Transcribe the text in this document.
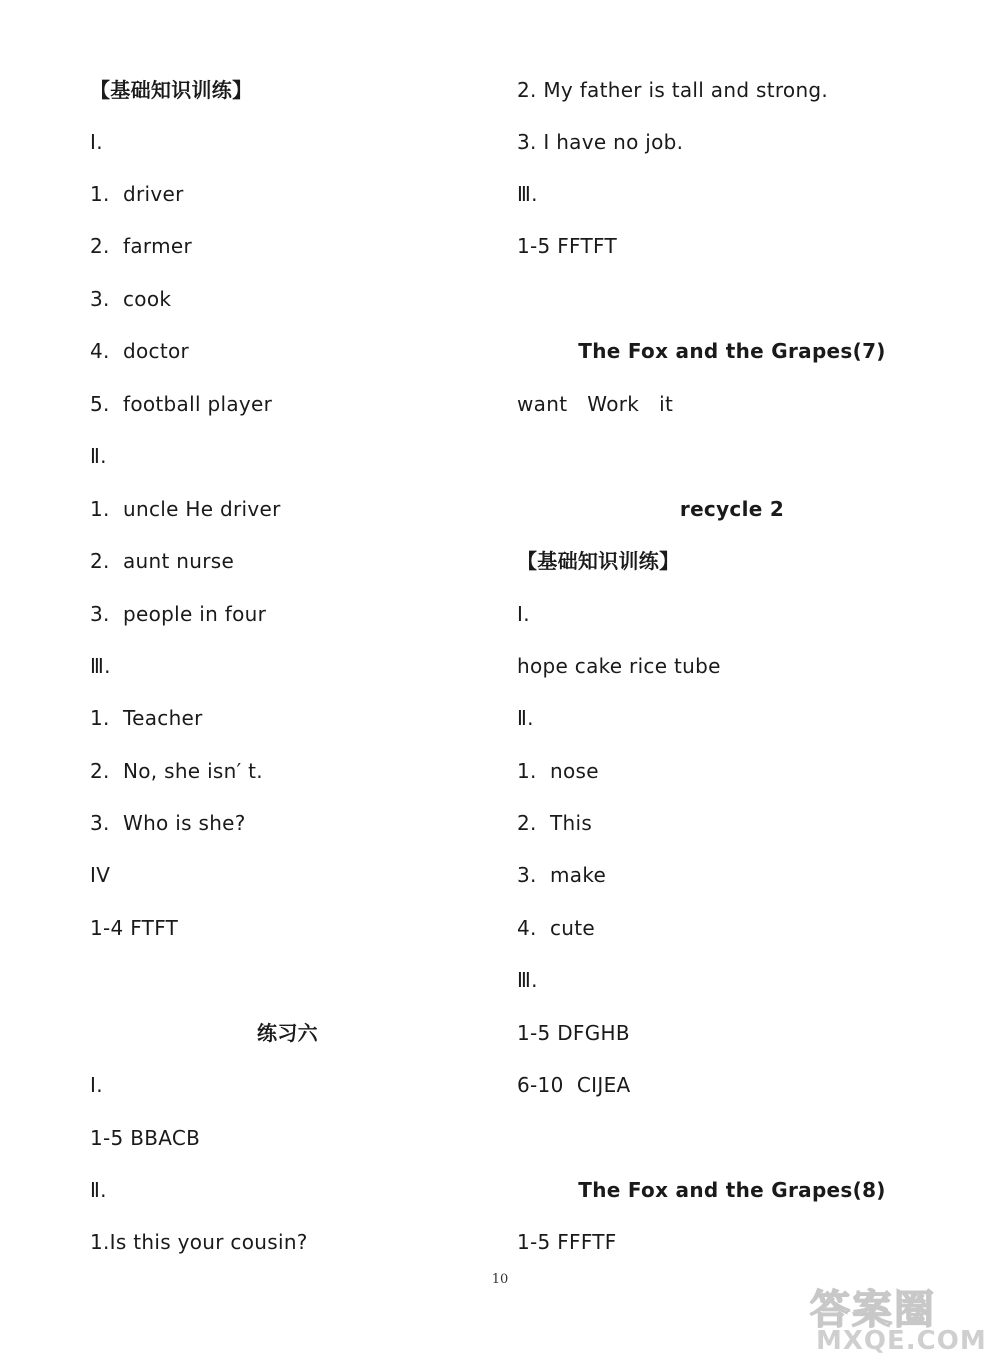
【基础知识训练】
Ⅰ.
1.  driver
2.  farmer
3.  cook
4.  doctor
5.  football player
Ⅱ.
1.  uncle He driver
2.  aunt nurse
3.  people in four
Ⅲ.
1.  Teacher
2.  No, she isn′ t.
3.  Who is she?
IV
1-4 FTFT
练习六
Ⅰ.
1-5 BBACB
Ⅱ.
1.Is this your cousin?
2. My father is tall and strong.
3. I have no job.
Ⅲ.
1-5 FFTFT
The Fox and the Grapes(7)
want   Work   it
recycle 2
【基础知识训练】
Ⅰ.
hope cake rice tube
Ⅱ.
1.  nose
2.  This
3.  make
4.  cute
Ⅲ.
1-5 DFGHB
6-10  CIJEA
The Fox and the Grapes(8)
1-5 FFFTF
10
答案圈
MXQE.COM
